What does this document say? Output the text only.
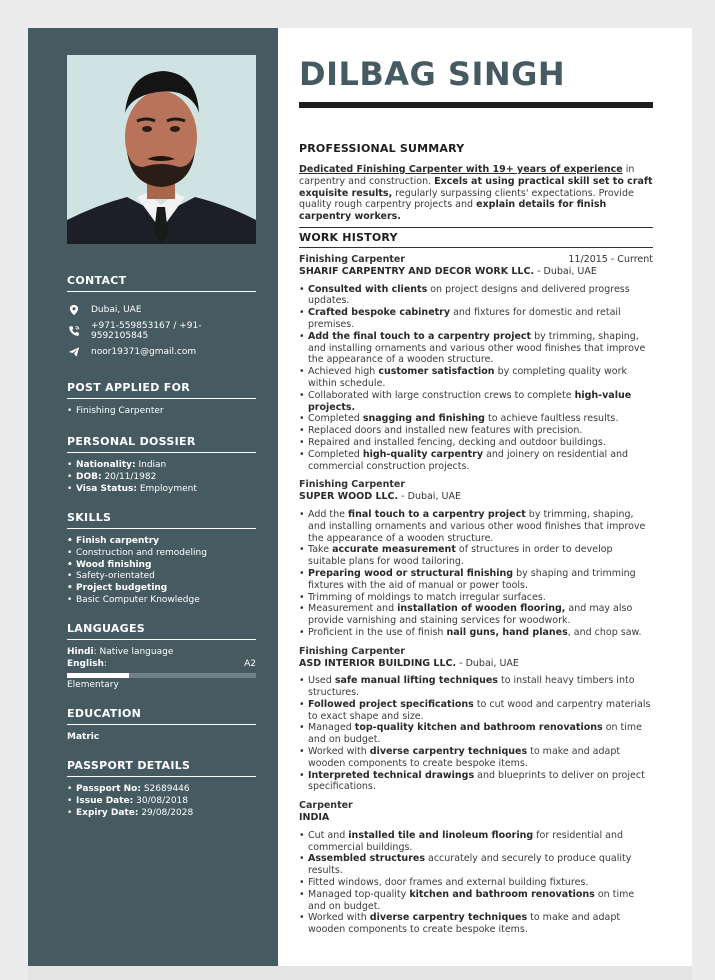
CONTACT
Dubai, UAE
+971-559853167 / +91-9592105845
noor19371@gmail.com
POST APPLIED FOR
• Finishing Carpenter
PERSONAL DOSSIER
• Nationality: Indian
• DOB: 20/11/1982
• Visa Status: Employment
SKILLS
• Finish carpentry
• Construction and remodeling
• Wood finishing
• Safety-orientated
• Project budgeting
• Basic Computer Knowledge
LANGUAGES
Hindi: Native language
English:	A2
Elementary
EDUCATION
Matric
PASSPORT DETAILS
• Passport No: S2689446
• Issue Date: 30/08/2018
• Expiry Date: 29/08/2028
DILBAG SINGH
PROFESSIONAL SUMMARY
Dedicated Finishing Carpenter with 19+ years of experience in carpentry and construction. Excels at using practical skill set to craft exquisite results, regularly surpassing clients' expectations. Provide quality rough carpentry projects and explain details for finish carpentry workers.
WORK HISTORY
Finishing Carpenter	11/2015 - Current
SHARIF CARPENTRY AND DECOR WORK LLC. - Dubai, UAE
• Consulted with clients on project designs and delivered progress updates.
• Crafted bespoke cabinetry and fixtures for domestic and retail premises.
• Add the final touch to a carpentry project by trimming, shaping, and installing ornaments and various other wood finishes that improve the appearance of a wooden structure.
• Achieved high customer satisfaction by completing quality work within schedule.
• Collaborated with large construction crews to complete high-value projects.
• Completed snagging and finishing to achieve faultless results.
• Replaced doors and installed new features with precision.
• Repaired and installed fencing, decking and outdoor buildings.
• Completed high-quality carpentry and joinery on residential and commercial construction projects.
Finishing Carpenter
SUPER WOOD LLC. - Dubai, UAE
• Add the final touch to a carpentry project by trimming, shaping, and installing ornaments and various other wood finishes that improve the appearance of a wooden structure.
• Take accurate measurement of structures in order to develop suitable plans for wood tailoring.
• Preparing wood or structural finishing by shaping and trimming fixtures with the aid of manual or power tools.
• Trimming of moldings to match irregular surfaces.
• Measurement and installation of wooden flooring, and may also provide varnishing and staining services for woodwork.
• Proficient in the use of finish nail guns, hand planes, and chop saw.
Finishing Carpenter
ASD INTERIOR BUILDING LLC. - Dubai, UAE
• Used safe manual lifting techniques to install heavy timbers into structures.
• Followed project specifications to cut wood and carpentry materials to exact shape and size.
• Managed top-quality kitchen and bathroom renovations on time and on budget.
• Worked with diverse carpentry techniques to make and adapt wooden components to create bespoke items.
• Interpreted technical drawings and blueprints to deliver on project specifications.
Carpenter
INDIA
• Cut and installed tile and linoleum flooring for residential and commercial buildings.
• Assembled structures accurately and securely to produce quality results.
• Fitted windows, door frames and external building fixtures.
• Managed top-quality kitchen and bathroom renovations on time and on budget.
• Worked with diverse carpentry techniques to make and adapt wooden components to create bespoke items.
